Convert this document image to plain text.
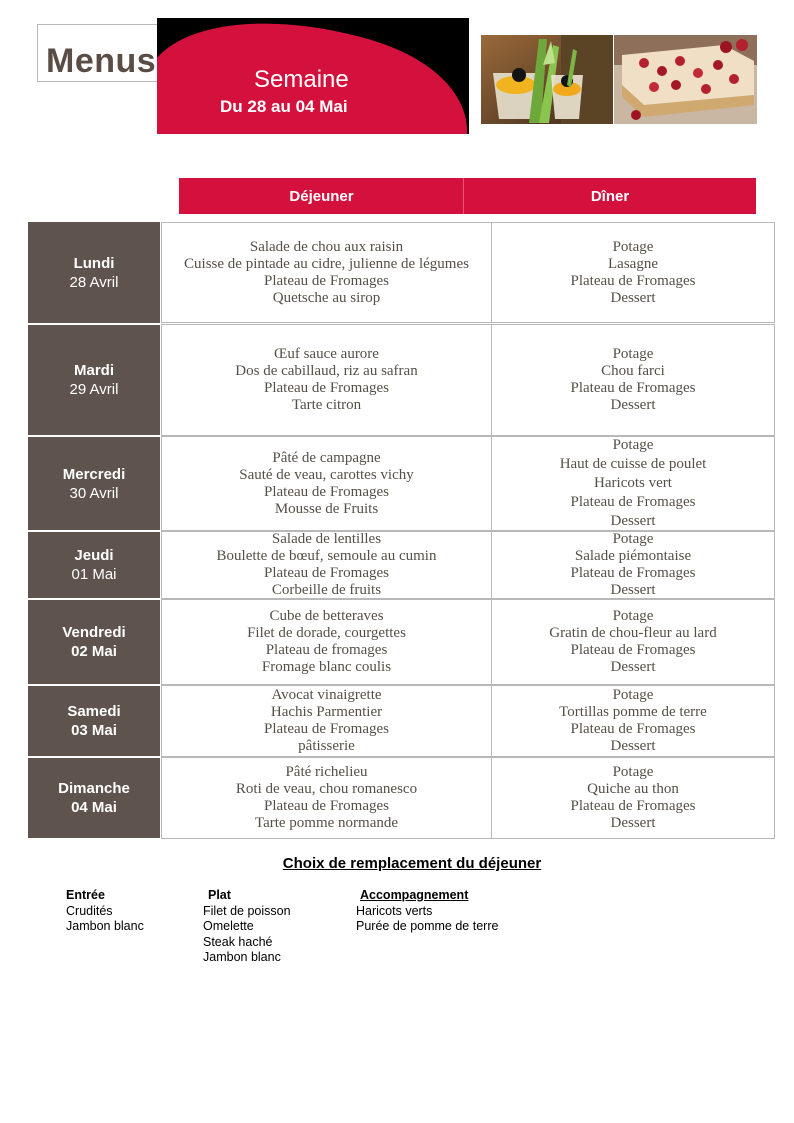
Menus	Semaine
Du 28 au 04 Mai
Déjeuner	Dîner
Lundi
28 Avril
Salade de chou aux raisin
Cuisse de pintade au cidre, julienne de légumes
Plateau de Fromages
Quetsche au sirop
Potage
Lasagne
Plateau de Fromages
Dessert
Mardi
29 Avril
Œuf sauce aurore
Dos de cabillaud, riz au safran
Plateau de Fromages
Tarte citron
Potage
Chou farci
Plateau de Fromages
Dessert
Mercredi
30 Avril
Pâté de campagne
Sauté de veau, carottes vichy
Plateau de Fromages
Mousse de Fruits
Potage
Haut de cuisse de poulet
Haricots vert
Plateau de Fromages
Dessert
Jeudi
01 Mai
Salade de lentilles
Boulette de bœuf, semoule au cumin
Plateau de Fromages
Corbeille de fruits
Potage
Salade piémontaise
Plateau de Fromages
Dessert
Vendredi
02 Mai
Cube de betteraves
Filet de dorade, courgettes
Plateau de fromages
Fromage blanc coulis
Potage
Gratin de chou-fleur au lard
Plateau de Fromages
Dessert
Samedi
03 Mai
Avocat vinaigrette
Hachis Parmentier
Plateau de Fromages
pâtisserie
Potage
Tortillas pomme de terre
Plateau de Fromages
Dessert
Dimanche
04 Mai
Pâté richelieu
Roti de veau, chou romanesco
Plateau de Fromages
Tarte pomme normande
Potage
Quiche au thon
Plateau de Fromages
Dessert
Choix de remplacement du déjeuner
Entrée
Crudités
Jambon blanc
Plat
Filet de poisson
Omelette
Steak haché
Jambon blanc
Accompagnement
Haricots verts
Purée de pomme de terre
